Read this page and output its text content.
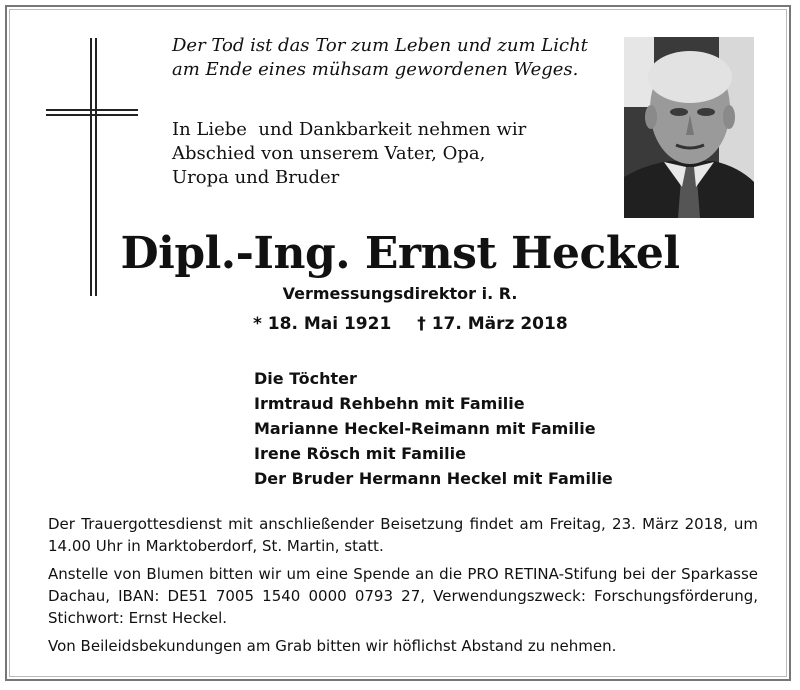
Der Tod ist das Tor zum Leben und zum Licht
am Ende eines mühsam gewordenen Weges.
In Liebe  und Dankbarkeit nehmen wir
Abschied von unserem Vater, Opa,
Uropa und Bruder
Dipl.-Ing. Ernst Heckel
Vermessungsdirektor i. R.
* 18. Mai 1921 † 17. März 2018
Die Töchter
Irmtraud Rehbehn mit Familie
Marianne Heckel-Reimann mit Familie
Irene Rösch mit Familie
Der Bruder Hermann Heckel mit Familie

Der Trauergottesdienst mit anschließender Beisetzung findet am Freitag, 23. März 2018, um 14.00 Uhr in Marktoberdorf, St. Martin, statt.

Anstelle von Blumen bitten wir um eine Spende an die PRO RETINA-Stifung bei der Sparkasse Dachau, IBAN: DE51 7005 1540 0000 0793 27, Verwendungszweck: Forschungsförderung, Stichwort: Ernst Heckel.

Von Beileidsbekundungen am Grab bitten wir höflichst Abstand zu nehmen.
